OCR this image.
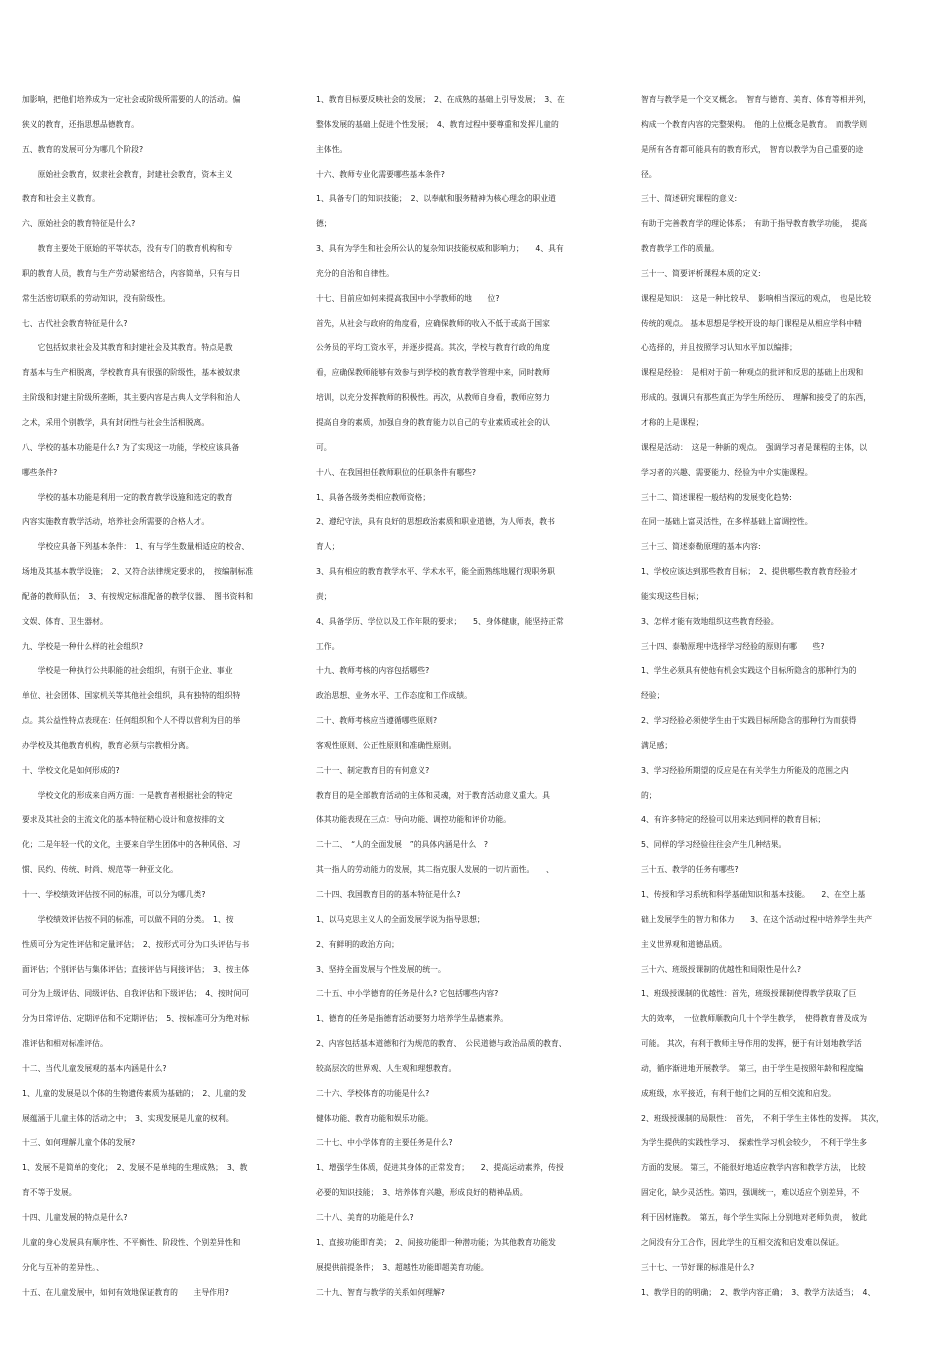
加影响，把他们培养成为一定社会或阶级所需要的人的活动。偏
狭义的教育，还指思想品德教育。
五、教育的发展可分为哪几个阶段?
　　原始社会教育，奴隶社会教育，封建社会教育，资本主义
教育和社会主义教育。
六、原始社会的教育特征是什么?
　　教育主要处于原始的平等状态，没有专门的教育机构和专
职的教育人员，教育与生产劳动紧密结合，内容简单，只有与日
常生活密切联系的劳动知识，没有阶级性。
七、古代社会教育特征是什么?
　　它包括奴隶社会及其教育和封建社会及其教育。特点是教
育基本与生产相脱离，学校教育具有很强的阶级性，基本被奴隶
主阶级和封建主阶级所垄断，其主要内容是古典人文学科和治人
之术，采用个别教学，具有封闭性与社会生活相脱离。
八、学校的基本功能是什么? 为了实现这一功能，学校应该具备
哪些条件?
　　学校的基本功能是利用一定的教育教学设施和选定的教育
内容实施教育教学活动，培养社会所需要的合格人才。
　　学校应具备下列基本条件：　1、有与学生数量相适应的校舍、
场地及其基本教学设施；　2、又符合法律规定要求的，　按编制标准
配备的教师队伍；　3、有按规定标准配备的教学仪器、　图书资料和
文娱、体育、卫生器材。
九、学校是一种什么样的社会组织?
　　学校是一种执行公共职能的社会组织，有别于企业、事业
单位、社会团体、国家机关等其他社会组织，具有独特的组织特
点。其公益性特点表现在：任何组织和个人不得以营利为目的举
办学校及其他教育机构，教育必须与宗教相分离。
十、学校文化是如何形成的?
　　学校文化的形成来自两方面：一是教育者根据社会的特定
要求及其社会的主流文化的基本特征精心设计和意按排的文
化；二是年轻一代的文化，主要来自学生团体中的各种风俗、习
惯、民约、传统、时尚、规范等一种亚文化。
十一、学校绩效评估按不同的标准，可以分为哪几类?
　　学校绩效评估按不同的标准，可以做不同的分类。　1、按
性质可分为定性评估和定量评估；　2、按形式可分为口头评估与书
面评估；个别评估与集体评估；直接评估与间接评估；　3、按主体
可分为上级评估、同级评估、自我评估和下级评估；　4、按时间可
分为日常评估、定期评估和不定期评估；　5、按标准可分为绝对标
准评估和相对标准评估。
十二、当代儿童发展观的基本内涵是什么?
1、儿童的发展是以个体的生物遗传素质为基础的；　2、儿童的发
展蕴涵于儿童主体的活动之中；　3、实现发展是儿童的权利。
十三、如何理解儿童个体的发展?
1、发展不是简单的变化；　2、发展不是单纯的生理成熟；　3、教
育不等于发展。
十四、儿童发展的特点是什么?
儿童的身心发展具有顺序性、不平衡性、阶段性、个别差异性和
分化与互补的差异性。、
十五、在儿童发展中，如何有效地保证教育的　　主导作用?
1、教育目标要反映社会的发展；　2、在成熟的基础上引导发展；　3、在
整体发展的基础上促进个性发展；　4、教育过程中要尊重和发挥儿童的
主体性。
十六、教师专业化需要哪些基本条件?
1、具备专门的知识技能；　2、以奉献和服务精神为核心理念的职业道
德；
3、具有为学生和社会所公认的复杂知识技能权威和影响力；　　4、具有
充分的自治和自律性。
十七、目前应如何来提高我国中小学教师的地　　位?
首先，从社会与政府的角度看，应确保教师的收入不低于或高于国家
公务员的平均工资水平，并逐步提高。其次，学校与教育行政的角度
看，应确保教师能够有效参与到学校的教育教学管理中来，同时教师
培训，以充分发挥教师的积极性。再次，从教师自身看，教师应努力
提高自身的素质，加强自身的教育能力以自己的专业素质或社会的认
可。
十八、在我国担任教师职位的任职条件有哪些?
1、具备各级务类相应教师资格；
2、遵纪守法，具有良好的思想政治素质和职业道德，为人师表，教书
育人；
3、具有相应的教育教学水平、学术水平，能全面熟练地履行现职务职
责；
4、具备学历、学位以及工作年限的要求；　　5、身体健康，能坚持正常
工作。
十九、教师考核的内容包括哪些?
政治思想、业务水平、工作态度和工作成绩。
二十、教师考核应当遵循哪些原则?
客观性原则、公正性原则和准确性原则。
二十一、制定教育目的有何意义?
教育目的是全部教育活动的主体和灵魂，对于教育活动意义重大。具
体其功能表现在三点：导向功能、调控功能和评价功能。
二十二、　“人的全面发展　”的具体内涵是什么　?
其一指人的劳动能力的发展，其二指克服人发展的一切片面性。　　、
二十四、我国教育目的的基本特征是什么?
1、以马克思主义人的全面发展学说为指导思想；
2、有鲜明的政治方向；
3、坚持全面发展与个性发展的统一。
二十五、中小学德育的任务是什么? 它包括哪些内容?
1、德育的任务是指德育活动要努力培养学生品德素养。
2、内容包括基本道德和行为规范的教育、　公民道德与政治品质的教育、
较高层次的世界观、人生观和理想教育。
二十六、学校体育的功能是什么?
健体功能、教育功能和娱乐功能。
二十七、中小学体育的主要任务是什么?
1、增强学生体质，促进其身体的正常发育；　　2、提高运动素养，传授
必要的知识技能；　3、培养体育兴趣，形成良好的精神品质。
二十八、美育的功能是什么?
1、直接功能即育美；　2、间接功能即一种潜功能；为其他教育功能发
展提供前提条件；　3、超越性功能即超美育功能。
二十九、智育与教学的关系如何理解?
智育与教学是一个交叉概念。　智育与德育、美育、体育等相并列，
构成一个教育内容的完整架构。　他的上位概念是教育。　而教学则
是所有各育都可能具有的教育形式，　智育以教学为自己重要的途
径。
三十、简述研究课程的意义:
有助于完善教育学的理论体系；　有助于指导教育教学功能，　提高
教育教学工作的质量。
三十一、简要评析课程本质的定义:
课程是知识：　这是一种比较早、　影响相当深远的观点，　也是比较
传统的观点。 基本思想是学校开设的每门课程是从相应学科中精
心选择的，并且按照学习认知水平加以编排；
课程是经验：　是相对于前一种观点的批评和反思的基础上出现和
形成的。强调只有那些真正为学生所经历、　理解和接受了的东西，
才称的上是课程；
课程是活动：　这是一种新的观点。　强调学习者是课程的主体，以
学习者的兴趣、需要能力、经验为中介实施课程。
三十二、简述课程一般结构的发展变化趋势:
在同一基础上富灵活性，在多样基础上富调控性。
三十三、简述泰勒原理的基本内容:
1、学校应该达到那些教育目标；　2、提供哪些教育教育经验才
能实现这些目标；
3、怎样才能有效地组织这些教育经验。
三十四、泰勒原理中选择学习经验的原则有哪　　些?
1、学生必须具有使他有机会实践这个目标所隐含的那种行为的
经验；
2、学习经验必须使学生由于实践目标所隐含的那种行为而获得
满足感；
3、学习经验所期望的反应是在有关学生力所能及的范围之内
的；
4、有许多特定的经验可以用来达到同样的教育目标；
5、同样的学习经验往往会产生几种结果。
三十五、教学的任务有哪些?
1、传授和学习系统和科学基础知识和基本技能。　　2、在空上基
础上发展学生的智力和体力　　3、在这个活动过程中培养学生共产
主义世界观和道德品质。
三十六、班级授课制的优越性和局限性是什么?
1、班级授课制的优越性：首先，班级授课制使得教学获取了巨
大的效率，　一位教师顺教向几十个学生教学，　使得教育普及成为
可能。 其次，有利于教师主导作用的发挥，便于有计划地教学活
动，循序渐进地开展教学。　第三，由于学生是按照年龄和程度编
成班级，水平接近，有利于他们之间的互相交流和启发。
2、班级授课制的局限性：　首先，　不利于学生主体性的发挥。　其次，
为学生提供的实践性学习、　探索性学习机会较少，　不利于学生多
方面的发展。 第三，不能很好地适应教学内容和教学方法，　比较
固定化，缺少灵活性。第四，强调统一，难以适应个别差异，不
利于因材施教。　第五，每个学生实际上分别地对老师负责，　彼此
之间没有分工合作，因此学生的互相交流和启发难以保证。
三十七、一节好课的标准是什么?
1、教学目的的明确；　2、教学内容正确；　3、教学方法适当；　4、
